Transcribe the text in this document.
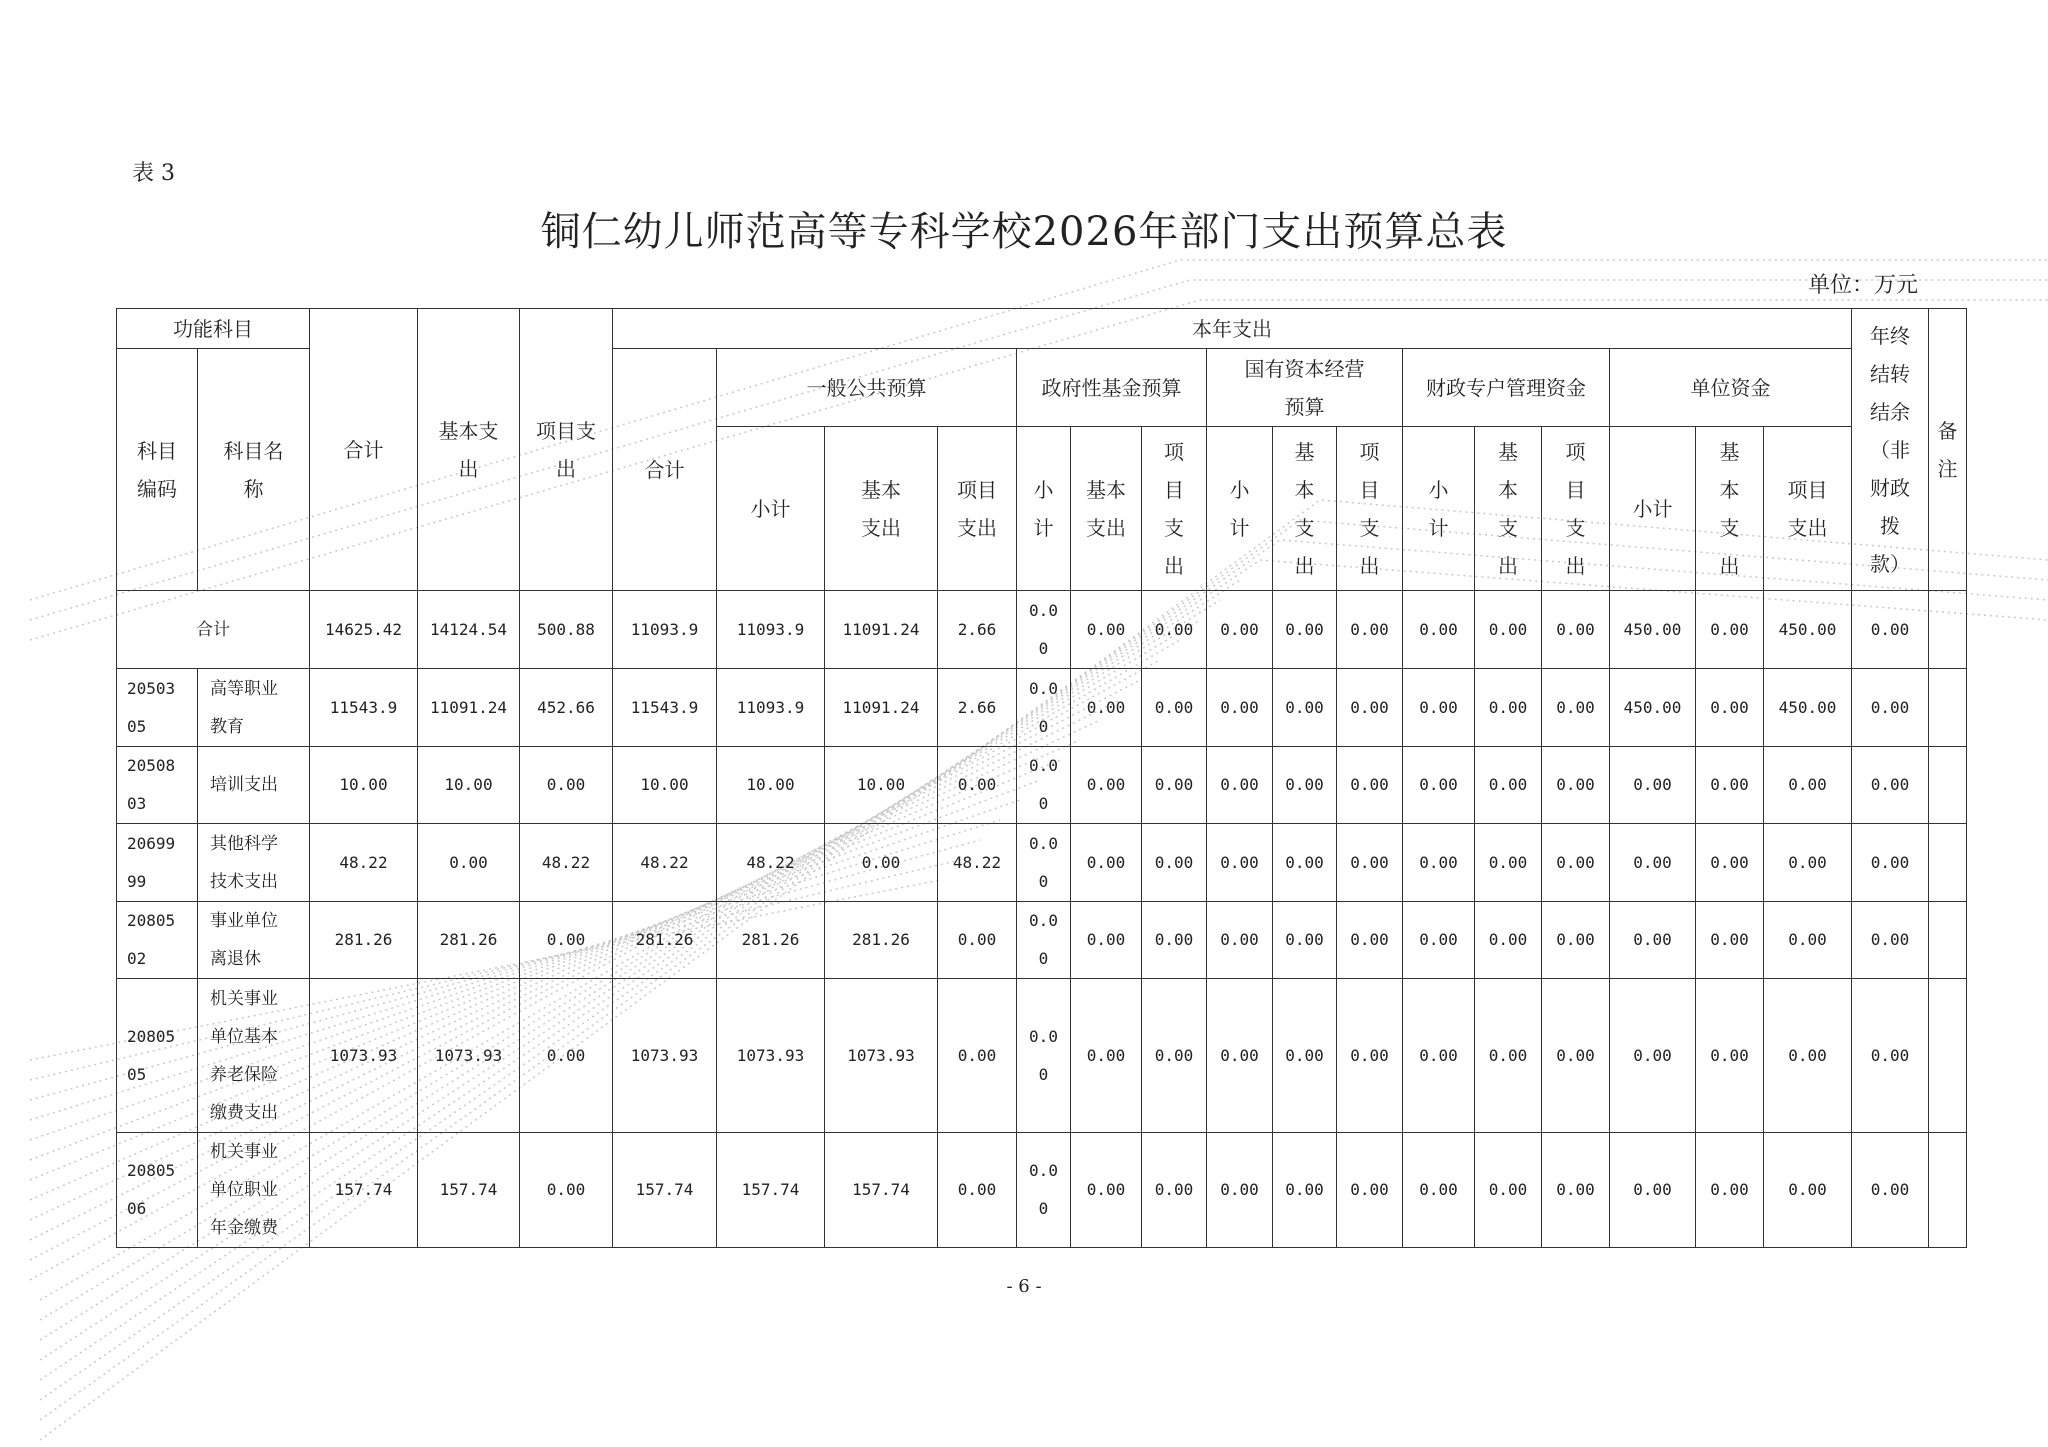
表 3
铜仁幼儿师范高等专科学校2026年部门支出预算总表
单位：万元
功能科目		合计	基本支出	项目支出	本年支出																年终结转结余（非财政拨款）	备注
科目编码	科目名称				合计	一般公共预算			政府性基金预算			国有资本经营预算			财政专户管理资金			单位资金				
						小计	基本支出	项目支出	小计	基本支出	项目支出	小计	基本支出	项目支出	小计	基本支出	项目支出	小计	基本支出	项目支出		
合计		14625.42	14124.54	500.88	11093.9	11093.9	11091.24	2.66	0.00	0.00	0.00	0.00	0.00	0.00	0.00	0.00	0.00	450.00	0.00	450.00	0.00	
2050305	高等职业教育	11543.9	11091.24	452.66	11543.9	11093.9	11091.24	2.66	0.00	0.00	0.00	0.00	0.00	0.00	0.00	0.00	0.00	450.00	0.00	450.00	0.00	
2050803	培训支出	10.00	10.00	0.00	10.00	10.00	10.00	0.00	0.00	0.00	0.00	0.00	0.00	0.00	0.00	0.00	0.00	0.00	0.00	0.00	0.00	
2069999	其他科学技术支出	48.22	0.00	48.22	48.22	48.22	0.00	48.22	0.00	0.00	0.00	0.00	0.00	0.00	0.00	0.00	0.00	0.00	0.00	0.00	0.00	
2080502	事业单位离退休	281.26	281.26	0.00	281.26	281.26	281.26	0.00	0.00	0.00	0.00	0.00	0.00	0.00	0.00	0.00	0.00	0.00	0.00	0.00	0.00	
2080505	机关事业单位基本养老保险缴费支出	1073.93	1073.93	0.00	1073.93	1073.93	1073.93	0.00	0.00	0.00	0.00	0.00	0.00	0.00	0.00	0.00	0.00	0.00	0.00	0.00	0.00	
2080506	机关事业单位职业年金缴费	157.74	157.74	0.00	157.74	157.74	157.74	0.00	0.00	0.00	0.00	0.00	0.00	0.00	0.00	0.00	0.00	0.00	0.00	0.00	0.00	
- 6 -
